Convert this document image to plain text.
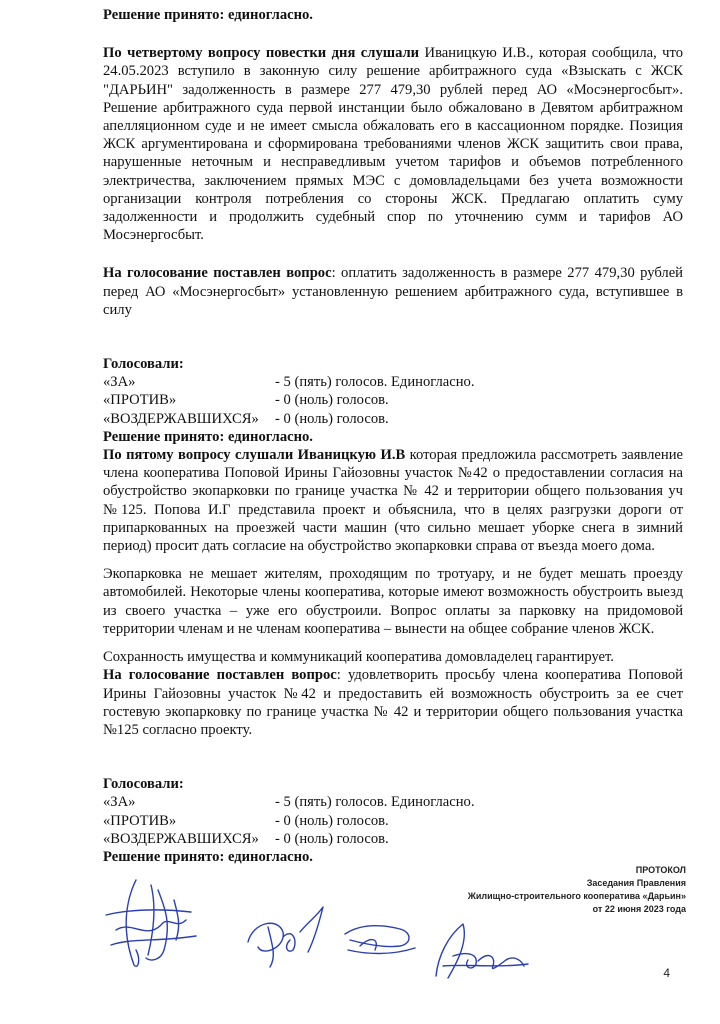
Решение принято: единогласно.

По четвертому вопросу повестки дня слушали Иваницкую И.В., которая сообщила, что 24.05.2023 вступило в законную силу решение арбитражного суда «Взыскать с ЖСК "ДАРЬИН" задолженность в размере 277 479,30 рублей перед АО «Мосэнергосбыт». Решение арбитражного суда первой инстанции было обжаловано в Девятом арбитражном апелляционном суде и не имеет смысла обжаловать его в кассационном порядке. Позиция ЖСК аргументирована и сформирована требованиями членов ЖСК защитить свои права, нарушенные неточным и несправедливым учетом тарифов и объемов потребленного электричества, заключением прямых МЭС с домовладельцами без учета возможности организации контроля потребления со стороны ЖСК. Предлагаю оплатить суму задолженности и продолжить судебный спор по уточнению сумм и тарифов АО Мосэнергосбыт.

На голосование поставлен вопрос: оплатить задолженность в размере 277 479,30 рублей перед АО «Мосэнергосбыт» установленную решением арбитражного суда, вступившее в силу

Голосовали:

«ЗА»	- 5 (пять) голосов. Единогласно.
«ПРОТИВ»	- 0 (ноль) голосов.
«ВОЗДЕРЖАВШИХСЯ»	- 0 (ноль) голосов.

Решение принято: единогласно.

По пятому вопросу слушали Иваницкую И.В которая предложила рассмотреть заявление члена кооператива Поповой Ирины Гайозовны участок №42 о предоставлении согласия на обустройство экопарковки по границе участка № 42 и территории общего пользования уч №125. Попова И.Г представила проект и объяснила, что в целях разгрузки дороги от припаркованных на проезжей части машин (что сильно мешает уборке снега в зимний период) просит дать согласие на обустройство экопарковки справа от въезда моего дома.

Экопарковка не мешает жителям, проходящим по тротуару, и не будет мешать проезду автомобилей. Некоторые члены кооператива, которые имеют возможность обустроить выезд из своего участка – уже его обустроили. Вопрос оплаты за парковку на придомовой территории членам и не членам кооператива – вынести на общее собрание членов ЖСК.

Сохранность имущества и коммуникаций кооператива домовладелец гарантирует.

На голосование поставлен вопрос: удовлетворить просьбу члена кооператива Поповой Ирины Гайозовны участок №42 и предоставить ей возможность обустроить за ее счет гостевую экопарковку по границе участка № 42 и территории общего пользования участка №125 согласно проекту.

Голосовали:

«ЗА»	- 5 (пять) голосов. Единогласно.
«ПРОТИВ»	- 0 (ноль) голосов.
«ВОЗДЕРЖАВШИХСЯ»	- 0 (ноль) голосов.

Решение принято: единогласно.

ПРОТОКОЛ
Заседания Правления
Жилищно-строительного кооператива «Дарьин»
от 22 июня 2023 года
4
